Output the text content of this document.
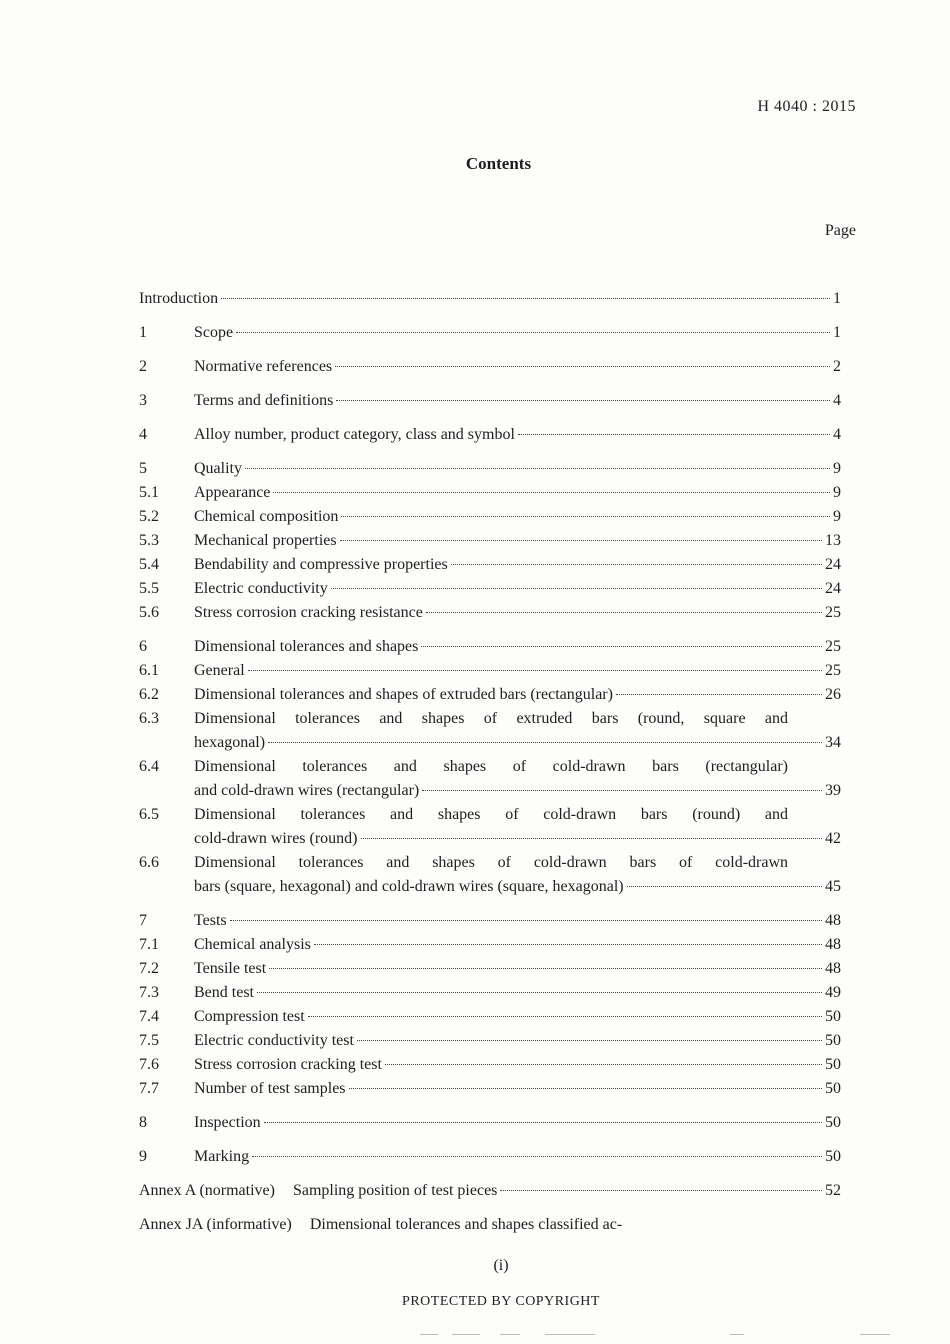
H 4040 : 2015
Contents
Page
Introduction	1
1	Scope	1
2	Normative references	2
3	Terms and definitions	4
4	Alloy number, product category, class and symbol	4
5	Quality	9
5.1	Appearance	9
5.2	Chemical composition	9
5.3	Mechanical properties	13
5.4	Bendability and compressive properties	24
5.5	Electric conductivity	24
5.6	Stress corrosion cracking resistance	25
6	Dimensional tolerances and shapes	25
6.1	General	25
6.2	Dimensional tolerances and shapes of extruded bars (rectangular)	26
6.3	Dimensional tolerances and shapes of extruded bars (round, square and
hexagonal)	34
6.4	Dimensional tolerances and shapes of cold-drawn bars (rectangular)
and cold-drawn wires (rectangular)	39
6.5	Dimensional tolerances and shapes of cold-drawn bars (round) and
cold-drawn wires (round)	42
6.6	Dimensional tolerances and shapes of cold-drawn bars of cold-drawn
bars (square, hexagonal) and cold-drawn wires (square, hexagonal)	45
7	Tests	48
7.1	Chemical analysis	48
7.2	Tensile test	48
7.3	Bend test	49
7.4	Compression test	50
7.5	Electric conductivity test	50
7.6	Stress corrosion cracking test	50
7.7	Number of test samples	50
8	Inspection	50
9	Marking	50
Annex A (normative) Sampling position of test pieces	52
Annex JA (informative) Dimensional tolerances and shapes classified ac-
(i)
PROTECTED BY COPYRIGHT
